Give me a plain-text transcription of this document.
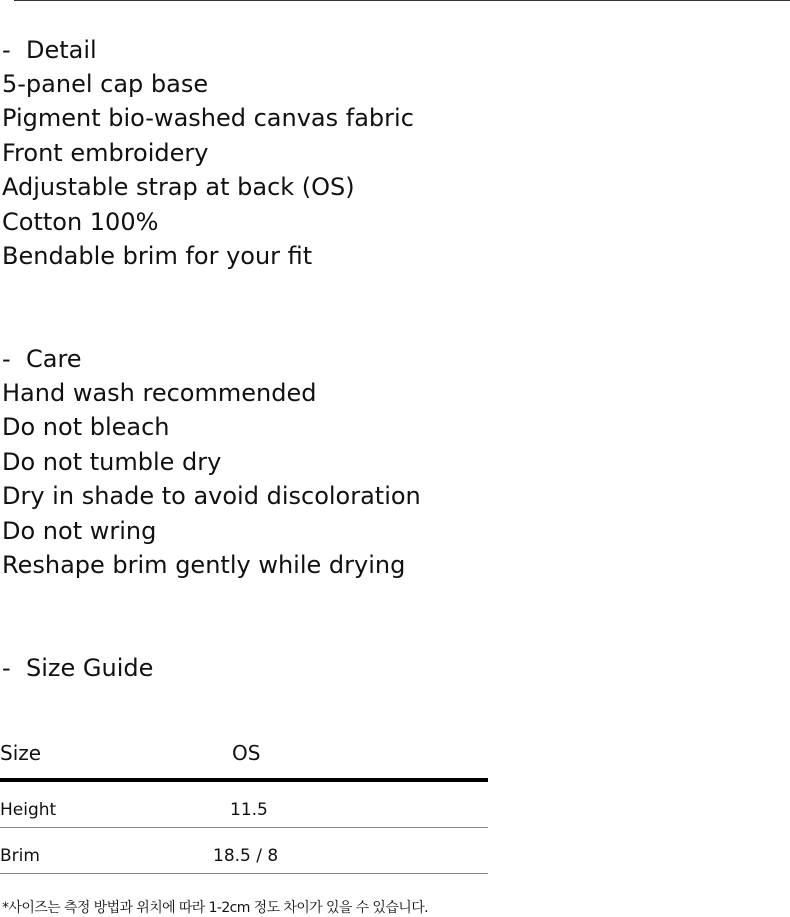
- Detail
5-panel cap base
Pigment bio-washed canvas fabric
Front embroidery
Adjustable strap at back (OS)
Cotton 100%
Bendable brim for your fit
- Care
Hand wash recommended
Do not bleach
Do not tumble dry
Dry in shade to avoid discoloration
Do not wring
Reshape brim gently while drying
- Size Guide
Size	OS
Height	11.5
Brim	18.5 / 8
*사이즈는 측정 방법과 위치에 따라 1-2cm 정도 차이가 있을 수 있습니다.
